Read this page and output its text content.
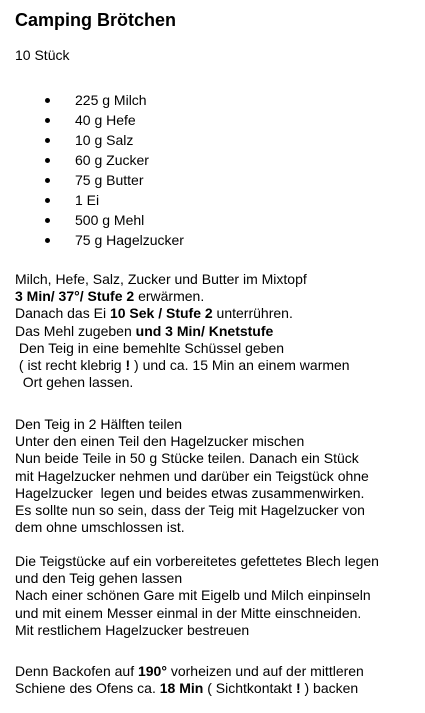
Camping Brötchen
10 Stück
225 g Milch
40 g Hefe
10 g Salz
60 g Zucker
75 g Butter
1 Ei
500 g Mehl
75 g Hagelzucker
Milch, Hefe, Salz, Zucker und Butter im Mixtopf
3 Min/ 37°/ Stufe 2 erwärmen.
Danach das Ei 10 Sek / Stufe 2 unterrühren.
Das Mehl zugeben und 3 Min/ Knetstufe
Den Teig in eine bemehlte Schüssel geben
( ist recht klebrig ! ) und ca. 15 Min an einem warmen
Ort gehen lassen.
Den Teig in 2 Hälften teilen
Unter den einen Teil den Hagelzucker mischen
Nun beide Teile in 50 g Stücke teilen. Danach ein Stück
mit Hagelzucker nehmen und darüber ein Teigstück ohne
Hagelzucker  legen und beides etwas zusammenwirken.
Es sollte nun so sein, dass der Teig mit Hagelzucker von
dem ohne umschlossen ist.
Die Teigstücke auf ein vorbereitetes gefettetes Blech legen
und den Teig gehen lassen
Nach einer schönen Gare mit Eigelb und Milch einpinseln
und mit einem Messer einmal in der Mitte einschneiden.
Mit restlichem Hagelzucker bestreuen
Denn Backofen auf 190° vorheizen und auf der mittleren
Schiene des Ofens ca. 18 Min ( Sichtkontakt ! ) backen
